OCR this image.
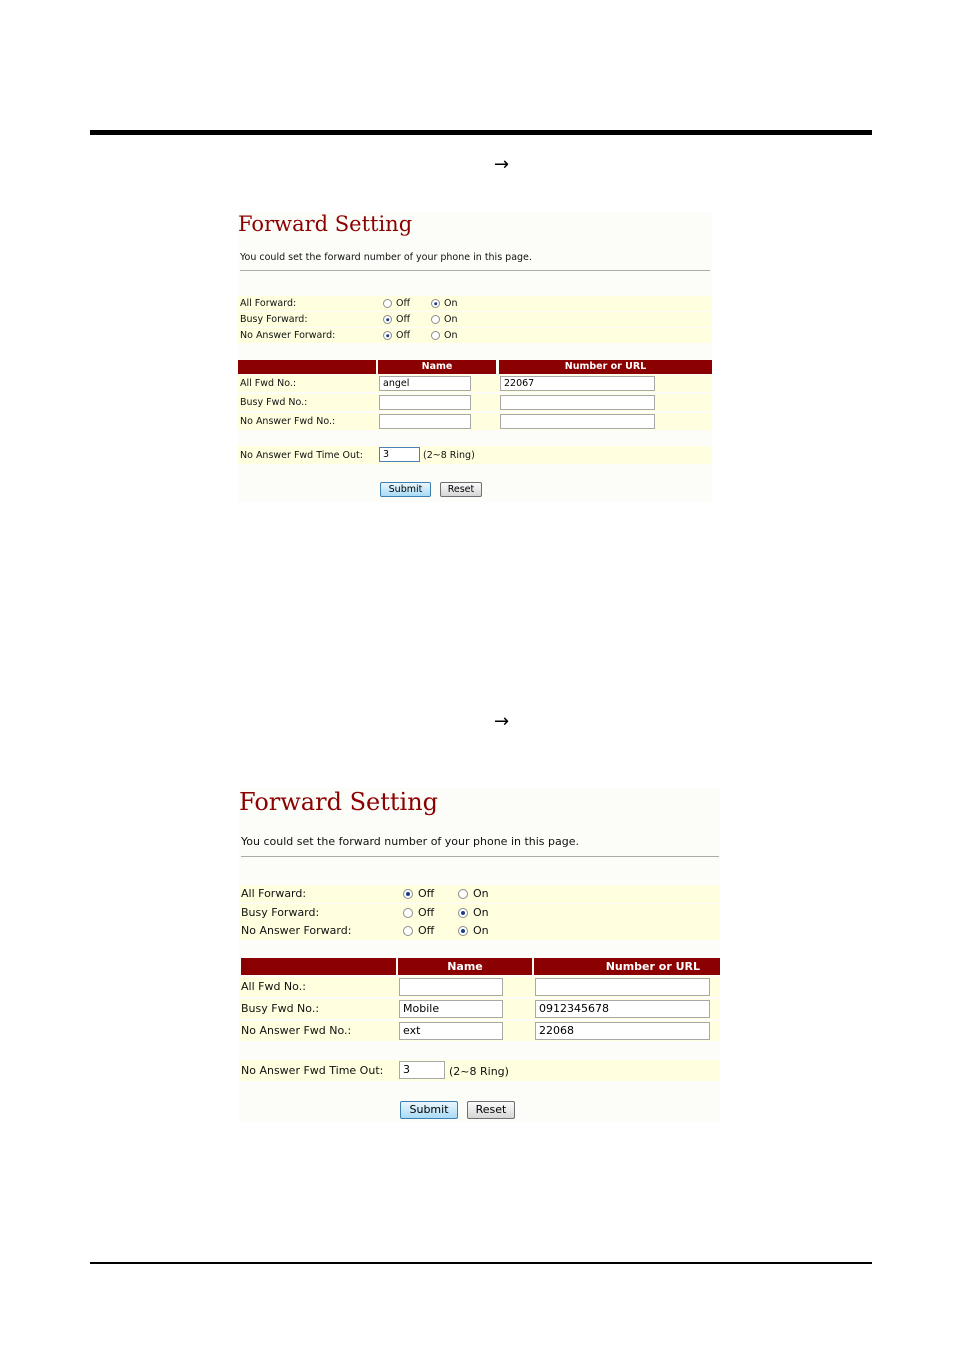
→
→
Forward Setting
You could set the forward number of your phone in this page.
All Forward:	Off	On
Busy Forward:	Off	On
No Answer Forward:	Off	On
Name	Number or URL
All Fwd No.:	angel	22067
Busy Fwd No.:
No Answer Fwd No.:
No Answer Fwd Time Out:	3	(2~8 Ring)
Submit	Reset
Forward Setting
You could set the forward number of your phone in this page.
All Forward:	Off	On
Busy Forward:	Off	On
No Answer Forward:	Off	On
Name	Number or URL
All Fwd No.:
Busy Fwd No.:	Mobile	0912345678
No Answer Fwd No.:	ext	22068
No Answer Fwd Time Out:	3	(2~8 Ring)
Submit	Reset
